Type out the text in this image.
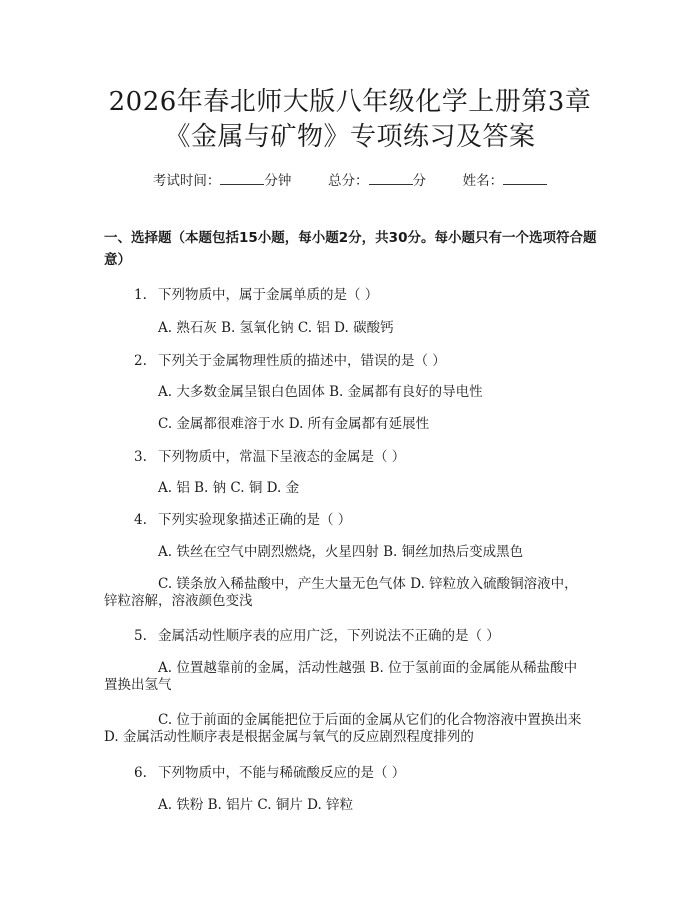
2026年春北师大版八年级化学上册第3章
《金属与矿物》专项练习及答案
考试时间：	分钟	总分：	分	姓名：
一、选择题（本题包括15小题，每小题2分，共30分。每小题只有一个选项符合题意）
1. 下列物质中，属于金属单质的是（ ）
A. 熟石灰 B. 氢氧化钠 C. 铝 D. 碳酸钙
2. 下列关于金属物理性质的描述中，错误的是（ ）
A. 大多数金属呈银白色固体 B. 金属都有良好的导电性
C. 金属都很难溶于水 D. 所有金属都有延展性
3. 下列物质中，常温下呈液态的金属是（ ）
A. 铝 B. 钠 C. 铜 D. 金
4. 下列实验现象描述正确的是（ ）
A. 铁丝在空气中剧烈燃烧，火星四射 B. 铜丝加热后变成黑色
C. 镁条放入稀盐酸中，产生大量无色气体 D. 锌粒放入硫酸铜溶液中，
锌粒溶解，溶液颜色变浅
5. 金属活动性顺序表的应用广泛，下列说法不正确的是（ ）
A. 位置越靠前的金属，活动性越强 B. 位于氢前面的金属能从稀盐酸中
置换出氢气
C. 位于前面的金属能把位于后面的金属从它们的化合物溶液中置换出来
D. 金属活动性顺序表是根据金属与氧气的反应剧烈程度排列的
6. 下列物质中，不能与稀硫酸反应的是（ ）
A. 铁粉 B. 铝片 C. 铜片 D. 锌粒
